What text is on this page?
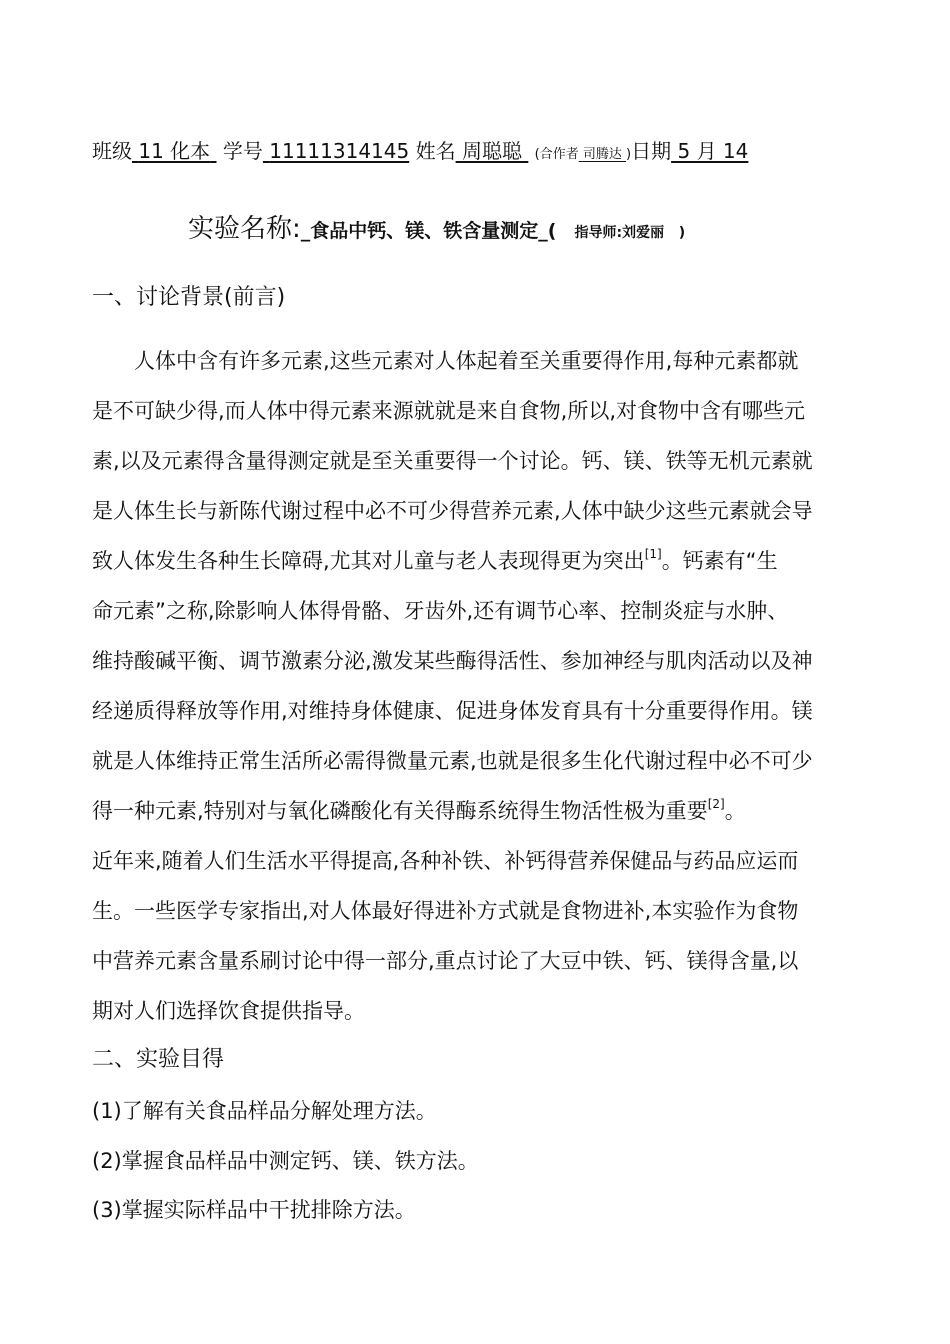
班级 11 化本 学号 11111314145 姓名 周聪聪 (合作者 司腾达 )日期 5 月 14
实验名称:_食品中钙、镁、铁含量测定_( 指导师:刘爱丽 )
一、讨论背景(前言)
人体中含有许多元素,这些元素对人体起着至关重要得作用,每种元素都就
是不可缺少得,而人体中得元素来源就就是来自食物,所以,对食物中含有哪些元
素,以及元素得含量得测定就是至关重要得一个讨论。钙、镁、铁等无机元素就
是人体生长与新陈代谢过程中必不可少得营养元素,人体中缺少这些元素就会导
致人体发生各种生长障碍,尤其对儿童与老人表现得更为突出[1]。钙素有“生
命元素”之称,除影响人体得骨骼、牙齿外,还有调节心率、控制炎症与水肿、
维持酸碱平衡、调节激素分泌,激发某些酶得活性、参加神经与肌肉活动以及神
经递质得释放等作用,对维持身体健康、促进身体发育具有十分重要得作用。镁
就是人体维持正常生活所必需得微量元素,也就是很多生化代谢过程中必不可少
得一种元素,特别对与氧化磷酸化有关得酶系统得生物活性极为重要[2]。
近年来,随着人们生活水平得提高,各种补铁、补钙得营养保健品与药品应运而
生。一些医学专家指出,对人体最好得进补方式就是食物进补,本实验作为食物
中营养元素含量系刷讨论中得一部分,重点讨论了大豆中铁、钙、镁得含量,以
期对人们选择饮食提供指导。
二、实验目得
(1)了解有关食品样品分解处理方法。
(2)掌握食品样品中测定钙、镁、铁方法。
(3)掌握实际样品中干扰排除方法。
